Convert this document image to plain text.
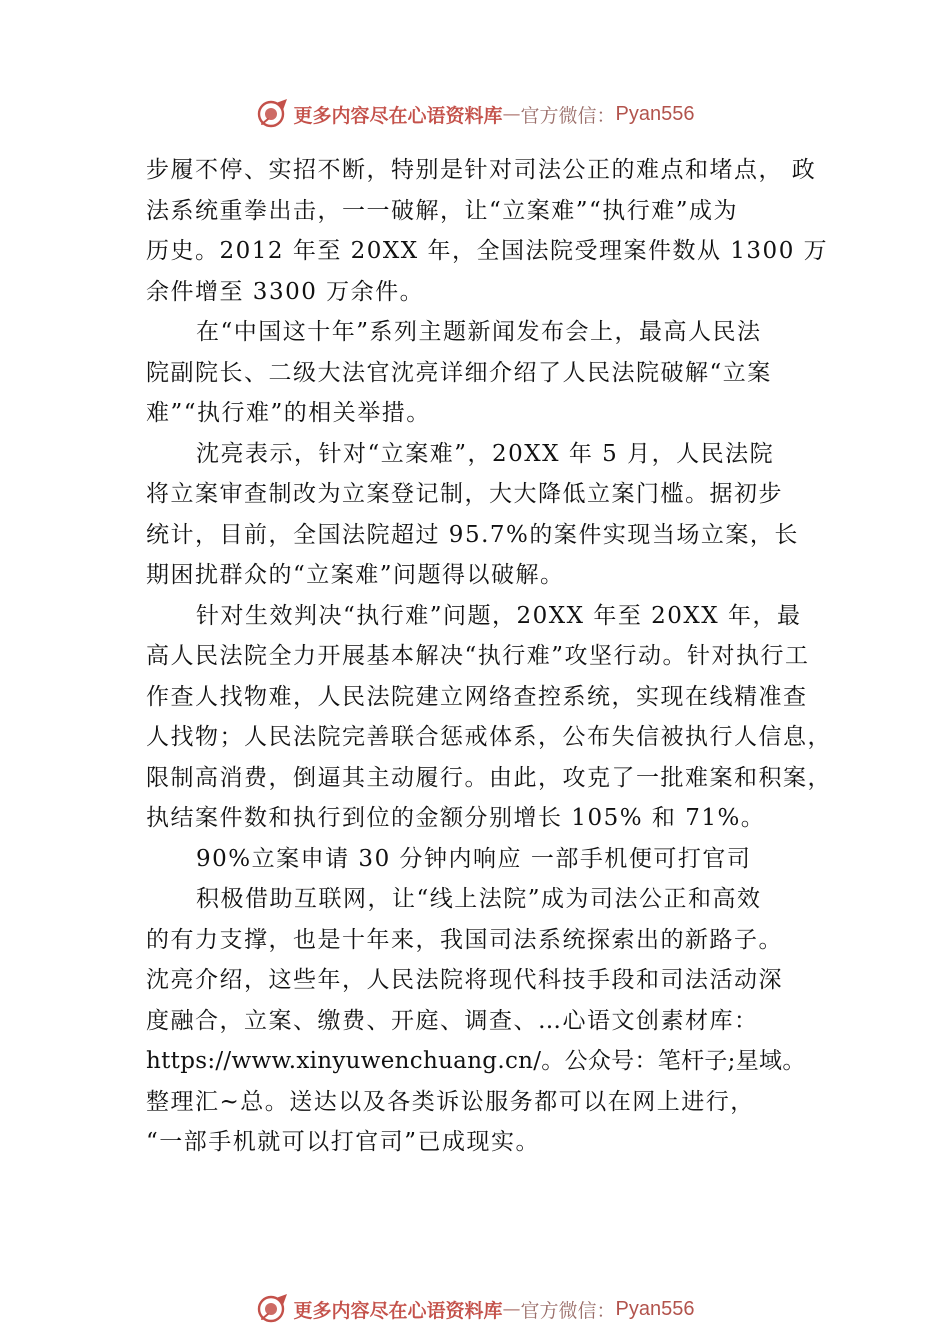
更多内容尽在心语资料库 — 官方微信： Pyan556
步履不停、实招不断，特别是针对司法公正的难点和堵点， 政
法系统重拳出击，一一破解，让“立案难”“执行难”成为
历史。2012 年至 20XX 年，全国法院受理案件数从 1300 万
余件增至 3300 万余件。
在“中国这十年”系列主题新闻发布会上，最高人民法
院副院长、二级大法官沈亮详细介绍了人民法院破解“立案
难”“执行难”的相关举措。
沈亮表示，针对“立案难”，20XX 年 5 月，人民法院
将立案审查制改为立案登记制，大大降低立案门槛。据初步
统计，目前，全国法院超过 95.7%的案件实现当场立案，长
期困扰群众的“立案难”问题得以破解。
针对生效判决“执行难”问题，20XX 年至 20XX 年，最
高人民法院全力开展基本解决“执行难”攻坚行动。针对执行工
作查人找物难，人民法院建立网络查控系统，实现在线精准查
人找物；人民法院完善联合惩戒体系，公布失信被执行人信息，
限制高消费，倒逼其主动履行。由此，攻克了一批难案和积案，
执结案件数和执行到位的金额分别增长 105% 和 71%。
90%立案申请 30 分钟内响应 一部手机便可打官司
积极借助互联网，让“线上法院”成为司法公正和高效
的有力支撑，也是十年来，我国司法系统探索出的新路子。
沈亮介绍，这些年，人民法院将现代科技手段和司法活动深
度融合，立案、缴费、开庭、调查、…心语文创素材库：
https://www.xinyuwenchuang.cn/。公众号：笔杆子;星域。
整理汇~总。送达以及各类诉讼服务都可以在网上进行，
“一部手机就可以打官司”已成现实。
更多内容尽在心语资料库 — 官方微信： Pyan556
